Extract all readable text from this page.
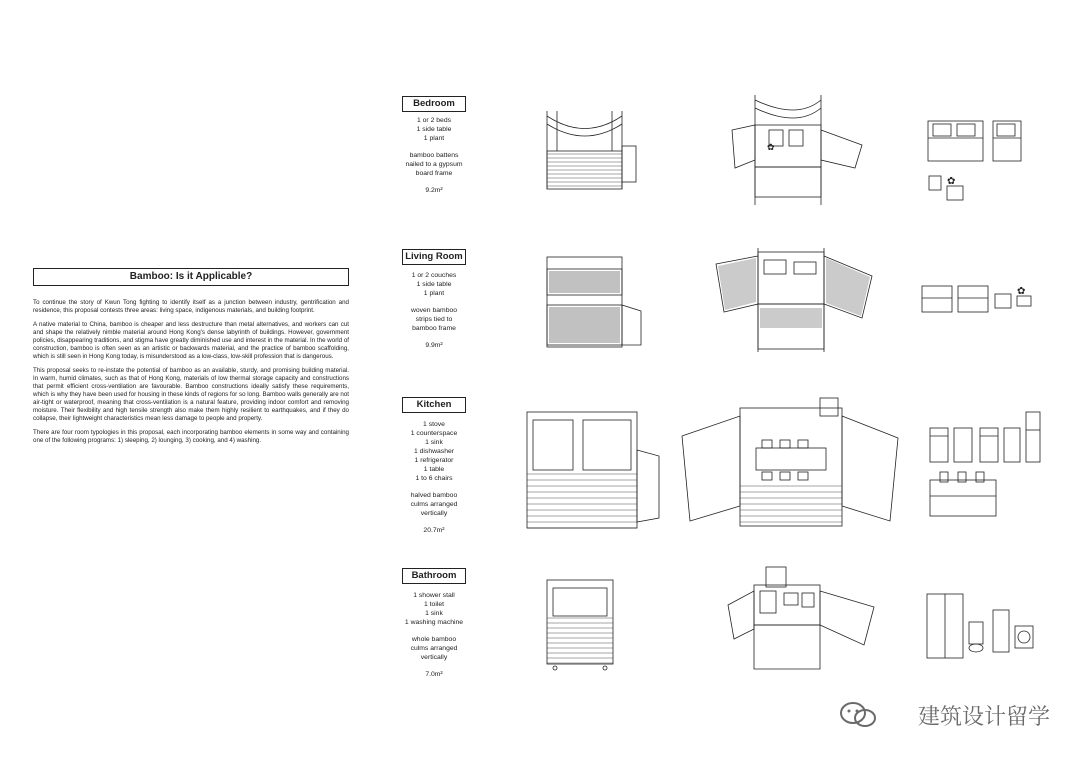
Bamboo: Is it Applicable?

To continue the story of Kwun Tong fighting to identify itself as a junction between industry, gentrification and residence, this proposal contests three areas: living space, indigenous materials, and building footprint.

A native material to China, bamboo is cheaper and less destructure than metal alternatives, and workers can cut and shape the relatively nimble material around Hong Kong's dense labyrinth of buildings. However, government policies, disappearing traditions, and stigma have greatly diminished use and interest in the material. In the world of construction, bamboo is often seen as an artistic or backwards material, and the practice of bamboo scaffolding, which is still seen in Hong Kong today, is misunderstood as a low-class, low-skill profession that is dangerous.

This proposal seeks to re-instate the potential of bamboo as an available, sturdy, and promising building material. In warm, humid climates, such as that of Hong Kong, materials of low thermal storage capacity and constructions that permit efficient cross-ventilation are favourable. Bamboo constructions ideally satisfy these requirements, which is why they have been used for housing in these kinds of regions for so long. Bamboo walls generally are not air-tight or waterproof, meaning that cross-ventilation is a natural feature, providing indoor comfort and removing moisture. Their flexibility and high tensile strength also make them highly resilient to earthquakes, and if they do collapse, their lightweight characteristics mean less damage to people and property.

There are four room typologies in this proposal, each incorporating bamboo elements in some way and containing one of the following programs: 1) sleeping, 2) lounging, 3) cooking, and 4) washing.

Bedroom
1 or 2 beds
1 side table
1 plant
bamboo battens
nailed to a gypsum
board frame
9.2m²
Living Room
1 or 2 couches
1 side table
1 plant
woven bamboo
strips tied to
bamboo frame
9.9m²
Kitchen
1 stove
1 counterspace
1 sink
1 dishwasher
1 refrigerator
1 table
1 to 6 chairs
halved bamboo
culms arranged
vertically
20.7m²
Bathroom
1 shower stall
1 toilet
1 sink
1 washing machine
whole bamboo
culms arranged
vertically
7.0m²
✿
✿
✿
建筑设计留学
